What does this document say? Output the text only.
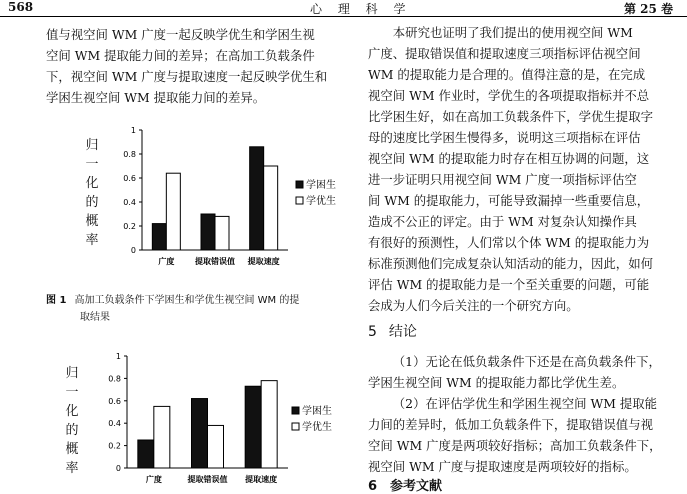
568	心 理 科 学	第 25 卷

值与视空间 WM 广度一起反映学优生和学困生视

空间 WM 提取能力间的差异；在高加工负载条件

下，视空间 WM 广度与提取速度一起反映学优生和

学困生视空间 WM 提取能力间的差异。

归
一
化
的
概
率
0
0.2
0.4
0.6
0.8
1
广度	提取错误值 提取速度
学困生
学优生
图 1 高加工负载条件下学困生和学优生视空间 WM 的提
取结果
归
一
化
的
概
率	0
0.2
0.4
0.6
0.8
1
广度	提取错误值 提取速度
学困生
学优生

本研究也证明了我们提出的使用视空间 WM

广度、提取错误值和提取速度三项指标评估视空间

WM 的提取能力是合理的。值得注意的是，在完成

视空间 WM 作业时，学优生的各项提取指标并不总

比学困生好，如在高加工负载条件下，学优生提取字

母的速度比学困生慢得多，说明这三项指标在评估

视空间 WM 的提取能力时存在相互协调的问题，这

进一步证明只用视空间 WM 广度一项指标评估空

间 WM 的提取能力，可能导致漏掉一些重要信息，

造成不公正的评定。由于 WM 对复杂认知操作具

有很好的预测性，人们常以个体 WM 的提取能力为

标准预测他们完成复杂认知活动的能力，因此，如何

评估 WM 的提取能力是一个至关重要的问题，可能

会成为人们今后关注的一个研究方向。

5 结论

（1）无论在低负载条件下还是在高负载条件下，

学困生视空间 WM 的提取能力都比学优生差。

（2）在评估学优生和学困生视空间 WM 提取能

力间的差异时，低加工负载条件下，提取错误值与视

空间 WM 广度是两项较好指标；高加工负载条件下，

视空间 WM 广度与提取速度是两项较好的指标。

6　参考文献
